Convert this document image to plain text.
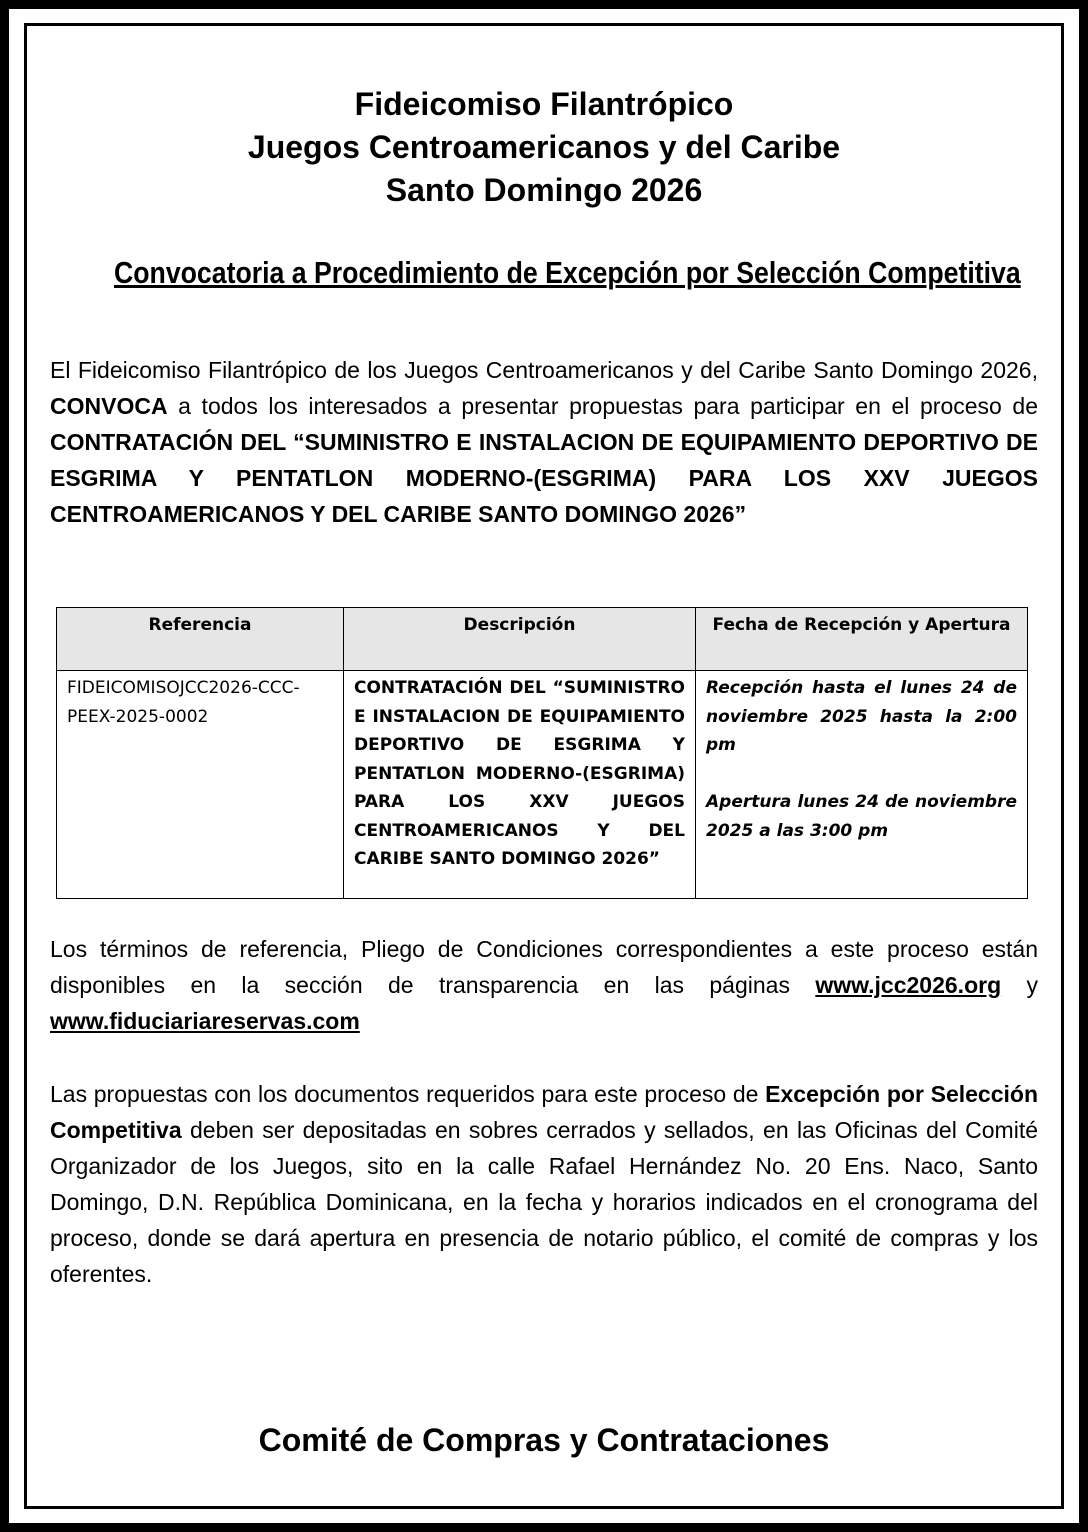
Fideicomiso Filantrópico
Juegos Centroamericanos y del Caribe
Santo Domingo 2026
Convocatoria a Procedimiento de Excepción por Selección Competitiva
El Fideicomiso Filantrópico de los Juegos Centroamericanos y del Caribe Santo Domingo 2026, CONVOCA a todos los interesados a presentar propuestas para participar en el proceso de CONTRATACIÓN DEL “SUMINISTRO E INSTALACION DE EQUIPAMIENTO DEPORTIVO DE ESGRIMA Y PENTATLON MODERNO-(ESGRIMA) PARA LOS XXV JUEGOS CENTROAMERICANOS Y DEL CARIBE SANTO DOMINGO 2026”
Referencia	Descripción	Fecha de Recepción y Apertura
FIDEICOMISOJCC2026-CCC-PEEX-2025-0002	CONTRATACIÓN DEL “SUMINISTRO E INSTALACION DE EQUIPAMIENTO DEPORTIVO DE ESGRIMA Y PENTATLON MODERNO-(ESGRIMA) PARA LOS XXV JUEGOS CENTROAMERICANOS Y DEL CARIBE SANTO DOMINGO 2026”	Recepción hasta el lunes 24 de noviembre 2025 hasta la 2:00 pm
Apertura lunes 24 de noviembre 2025 a las 3:00 pm
Los términos de referencia, Pliego de Condiciones correspondientes a este proceso están disponibles en la sección de transparencia en las páginas www.jcc2026.org y www.fiduciariareservas.com
Las propuestas con los documentos requeridos para este proceso de Excepción por Selección Competitiva deben ser depositadas en sobres cerrados y sellados, en las Oficinas del Comité Organizador de los Juegos, sito en la calle Rafael Hernández No. 20 Ens. Naco, Santo Domingo, D.N. República Dominicana, en la fecha y horarios indicados en el cronograma del proceso, donde se dará apertura en presencia de notario público, el comité de compras y los oferentes.
Comité de Compras y Contrataciones
